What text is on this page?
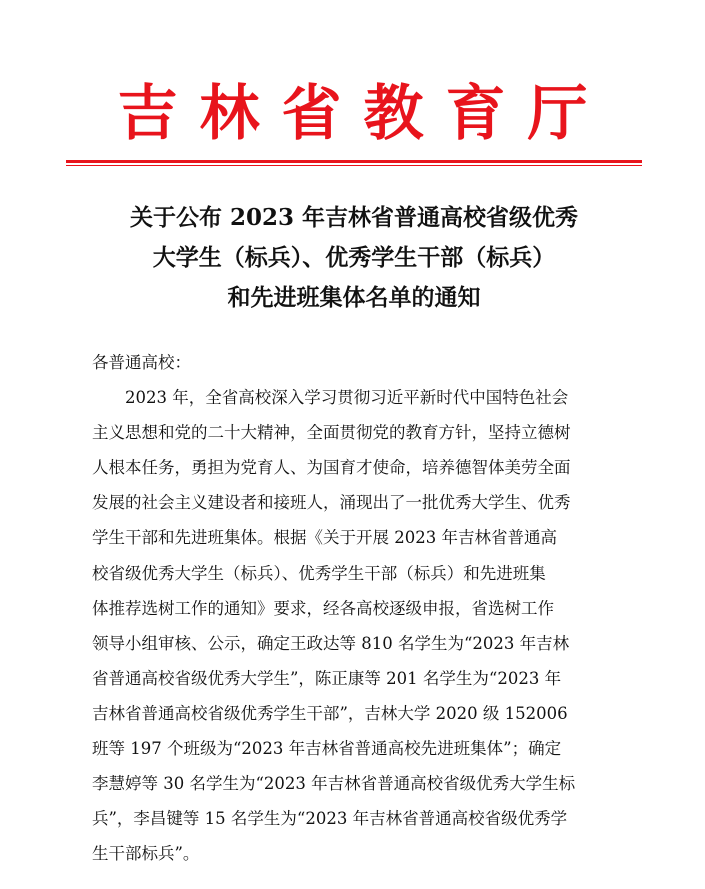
吉林省教育厅
关于公布 2023 年吉林省普通高校省级优秀
大学生（标兵）、优秀学生干部（标兵）
和先进班集体名单的通知
各普通高校：
　　2023 年，全省高校深入学习贯彻习近平新时代中国特色社会
主义思想和党的二十大精神，全面贯彻党的教育方针，坚持立德树
人根本任务，勇担为党育人、为国育才使命，培养德智体美劳全面
发展的社会主义建设者和接班人，涌现出了一批优秀大学生、优秀
学生干部和先进班集体。根据《关于开展 2023 年吉林省普通高
校省级优秀大学生（标兵）、优秀学生干部（标兵）和先进班集
体推荐选树工作的通知》要求，经各高校逐级申报，省选树工作
领导小组审核、公示，确定王政达等 810 名学生为“2023 年吉林
省普通高校省级优秀大学生”，陈正康等 201 名学生为“2023 年
吉林省普通高校省级优秀学生干部”，吉林大学 2020 级 152006
班等 197 个班级为“2023 年吉林省普通高校先进班集体”；确定
李慧婷等 30 名学生为“2023 年吉林省普通高校省级优秀大学生标
兵”，李昌键等 15 名学生为“2023 年吉林省普通高校省级优秀学
生干部标兵”。
